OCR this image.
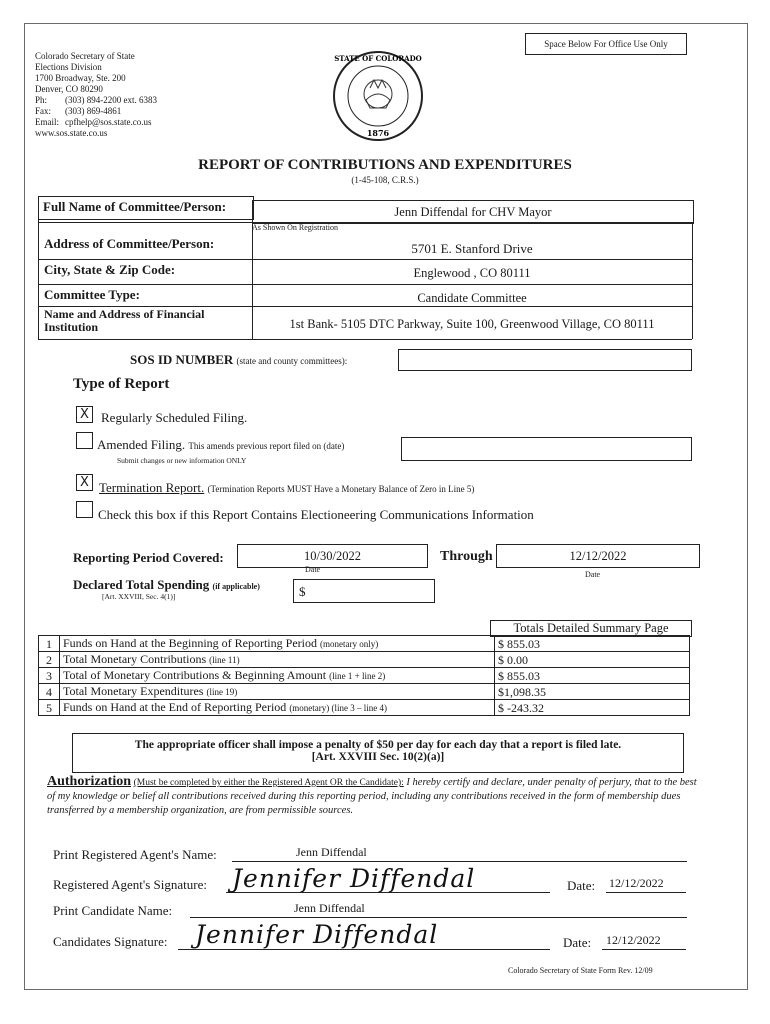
Colorado Secretary of State
Elections Division
1700 Broadway, Ste. 200
Denver, CO 80290
Ph: (303) 894-2200 ext. 6383
Fax: (303) 869-4861
Email: cpfhelp@sos.state.co.us
www.sos.state.co.us
STATE OF COLORADO
1876
Space Below For Office Use Only
REPORT OF CONTRIBUTIONS AND EXPENDITURES
(1-45-108, C.R.S.)
Full Name of Committee/Person:	Jenn Diffendal for CHV Mayor
As Shown On Registration
Address of Committee/Person:	5701 E. Stanford Drive
City, State & Zip Code:	Englewood , CO 80111
Committee Type:	Candidate Committee
Name and Address of Financial Institution	1st Bank- 5105 DTC Parkway, Suite 100, Greenwood Village, CO 80111
SOS ID NUMBER (state and county committees):
Type of Report
X Regularly Scheduled Filing.
Amended Filing. This amends previous report filed on (date)
Submit changes or new information ONLY
X Termination Report. (Termination Reports MUST Have a Monetary Balance of Zero in Line 5)
Check this box if this Report Contains Electioneering Communications Information
Reporting Period Covered:	10/30/2022
Date
Through	12/12/2022
Date
Declared Total Spending (if applicable)
[Art. XXVIII, Sec. 4(1)]	$
Totals Detailed Summary Page
1	Funds on Hand at the Beginning of Reporting Period (monetary only)	$ 855.03
2	Total Monetary Contributions (line 11)	$ 0.00
3	Total of Monetary Contributions & Beginning Amount (line 1 + line 2)	$ 855.03
4	Total Monetary Expenditures (line 19)	$1,098.35
5	Funds on Hand at the End of Reporting Period (monetary) (line 3 – line 4)	$ -243.32
The appropriate officer shall impose a penalty of $50 per day for each day that a report is filed late.
[Art. XXVIII Sec. 10(2)(a)]
Authorization (Must be completed by either the Registered Agent OR the Candidate): I hereby certify and declare, under penalty of perjury, that to the best of my knowledge or belief all contributions received during this reporting period, including any contributions received in the form of membership dues transferred by a membership organization, are from permissible sources.
Print Registered Agent's Name:	Jenn Diffendal
Registered Agent's Signature: Jennifer Diffendal	Date: 12/12/2022
Print Candidate Name:	Jenn Diffendal
Candidates Signature: Jennifer Diffendal	Date: 12/12/2022
Colorado Secretary of State Form Rev. 12/09
